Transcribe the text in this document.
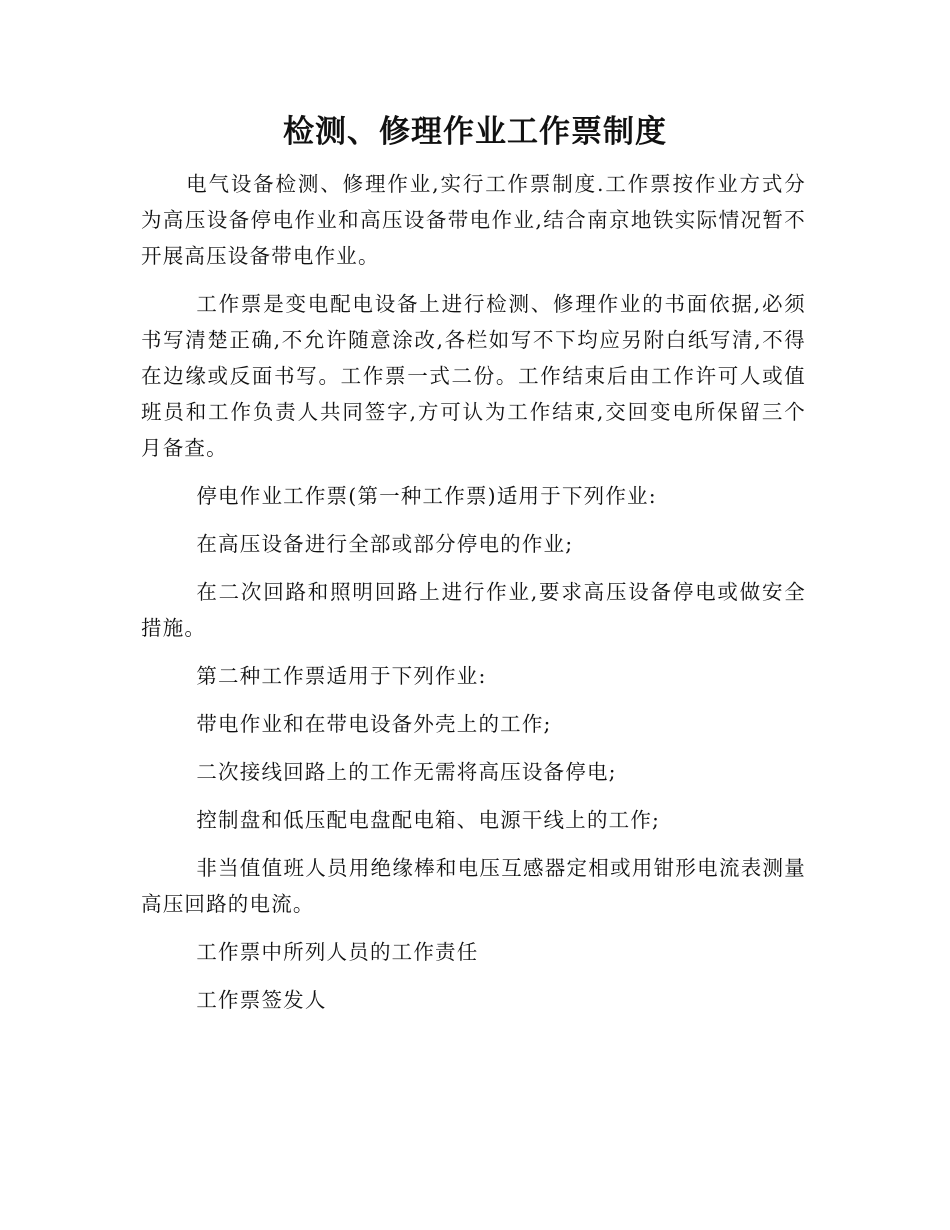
检测、修理作业工作票制度

电气设备检测、修理作业,实行工作票制度.工作票按作业方式分为高压设备停电作业和高压设备带电作业,结合南京地铁实际情况暂不开展高压设备带电作业。

工作票是变电配电设备上进行检测、修理作业的书面依据,必须书写清楚正确,不允许随意涂改,各栏如写不下均应另附白纸写清,不得在边缘或反面书写。工作票一式二份。工作结束后由工作许可人或值班员和工作负责人共同签字,方可认为工作结束,交回变电所保留三个月备查。

停电作业工作票(第一种工作票)适用于下列作业:

在高压设备进行全部或部分停电的作业;

在二次回路和照明回路上进行作业,要求高压设备停电或做安全措施。

第二种工作票适用于下列作业:

带电作业和在带电设备外壳上的工作;

二次接线回路上的工作无需将高压设备停电;

控制盘和低压配电盘配电箱、电源干线上的工作;

非当值值班人员用绝缘棒和电压互感器定相或用钳形电流表测量高压回路的电流。

工作票中所列人员的工作责任

工作票签发人
